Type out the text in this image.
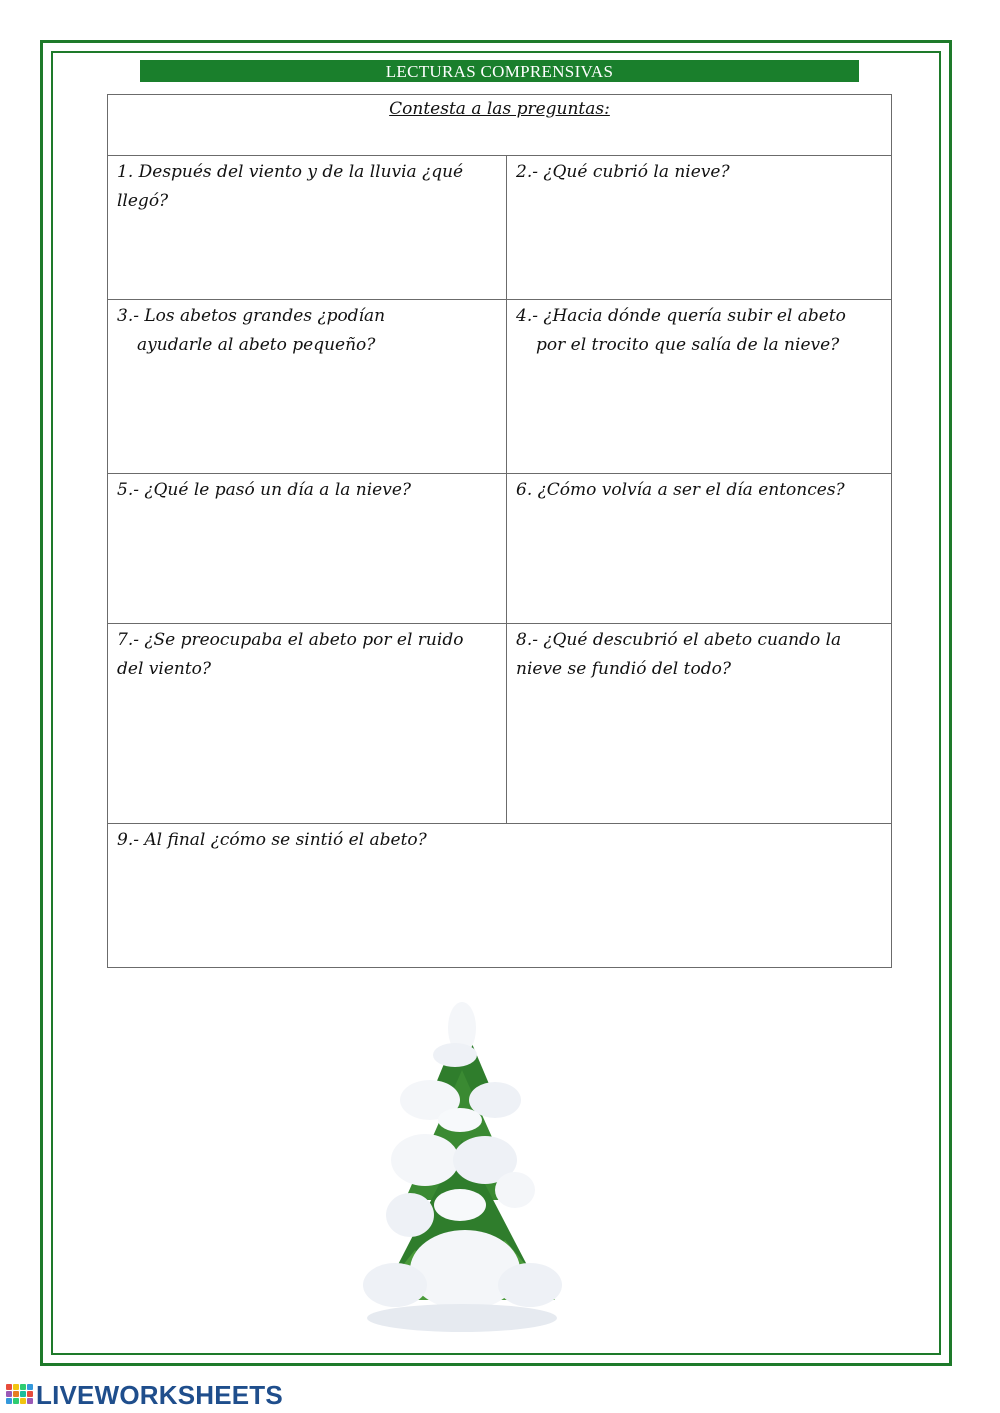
LECTURAS COMPRENSIVAS
Contesta a las preguntas:	
1. Después del viento y de la lluvia ¿qué
llegó?	2.- ¿Qué cubrió la nieve?
3.- Los abetos grandes ¿podían
ayudarle al abeto pequeño?	4.- ¿Hacia dónde quería subir el abeto
por el trocito que salía de la nieve?
5.- ¿Qué le pasó un día a la nieve?	6. ¿Cómo volvía a ser el día entonces?
7.- ¿Se preocupaba el abeto por el ruido
del viento?	8.- ¿Qué descubrió el abeto cuando la
nieve se fundió del todo?
9.- Al final ¿cómo se sintió el abeto?	
LIVEWORKSHEETS
